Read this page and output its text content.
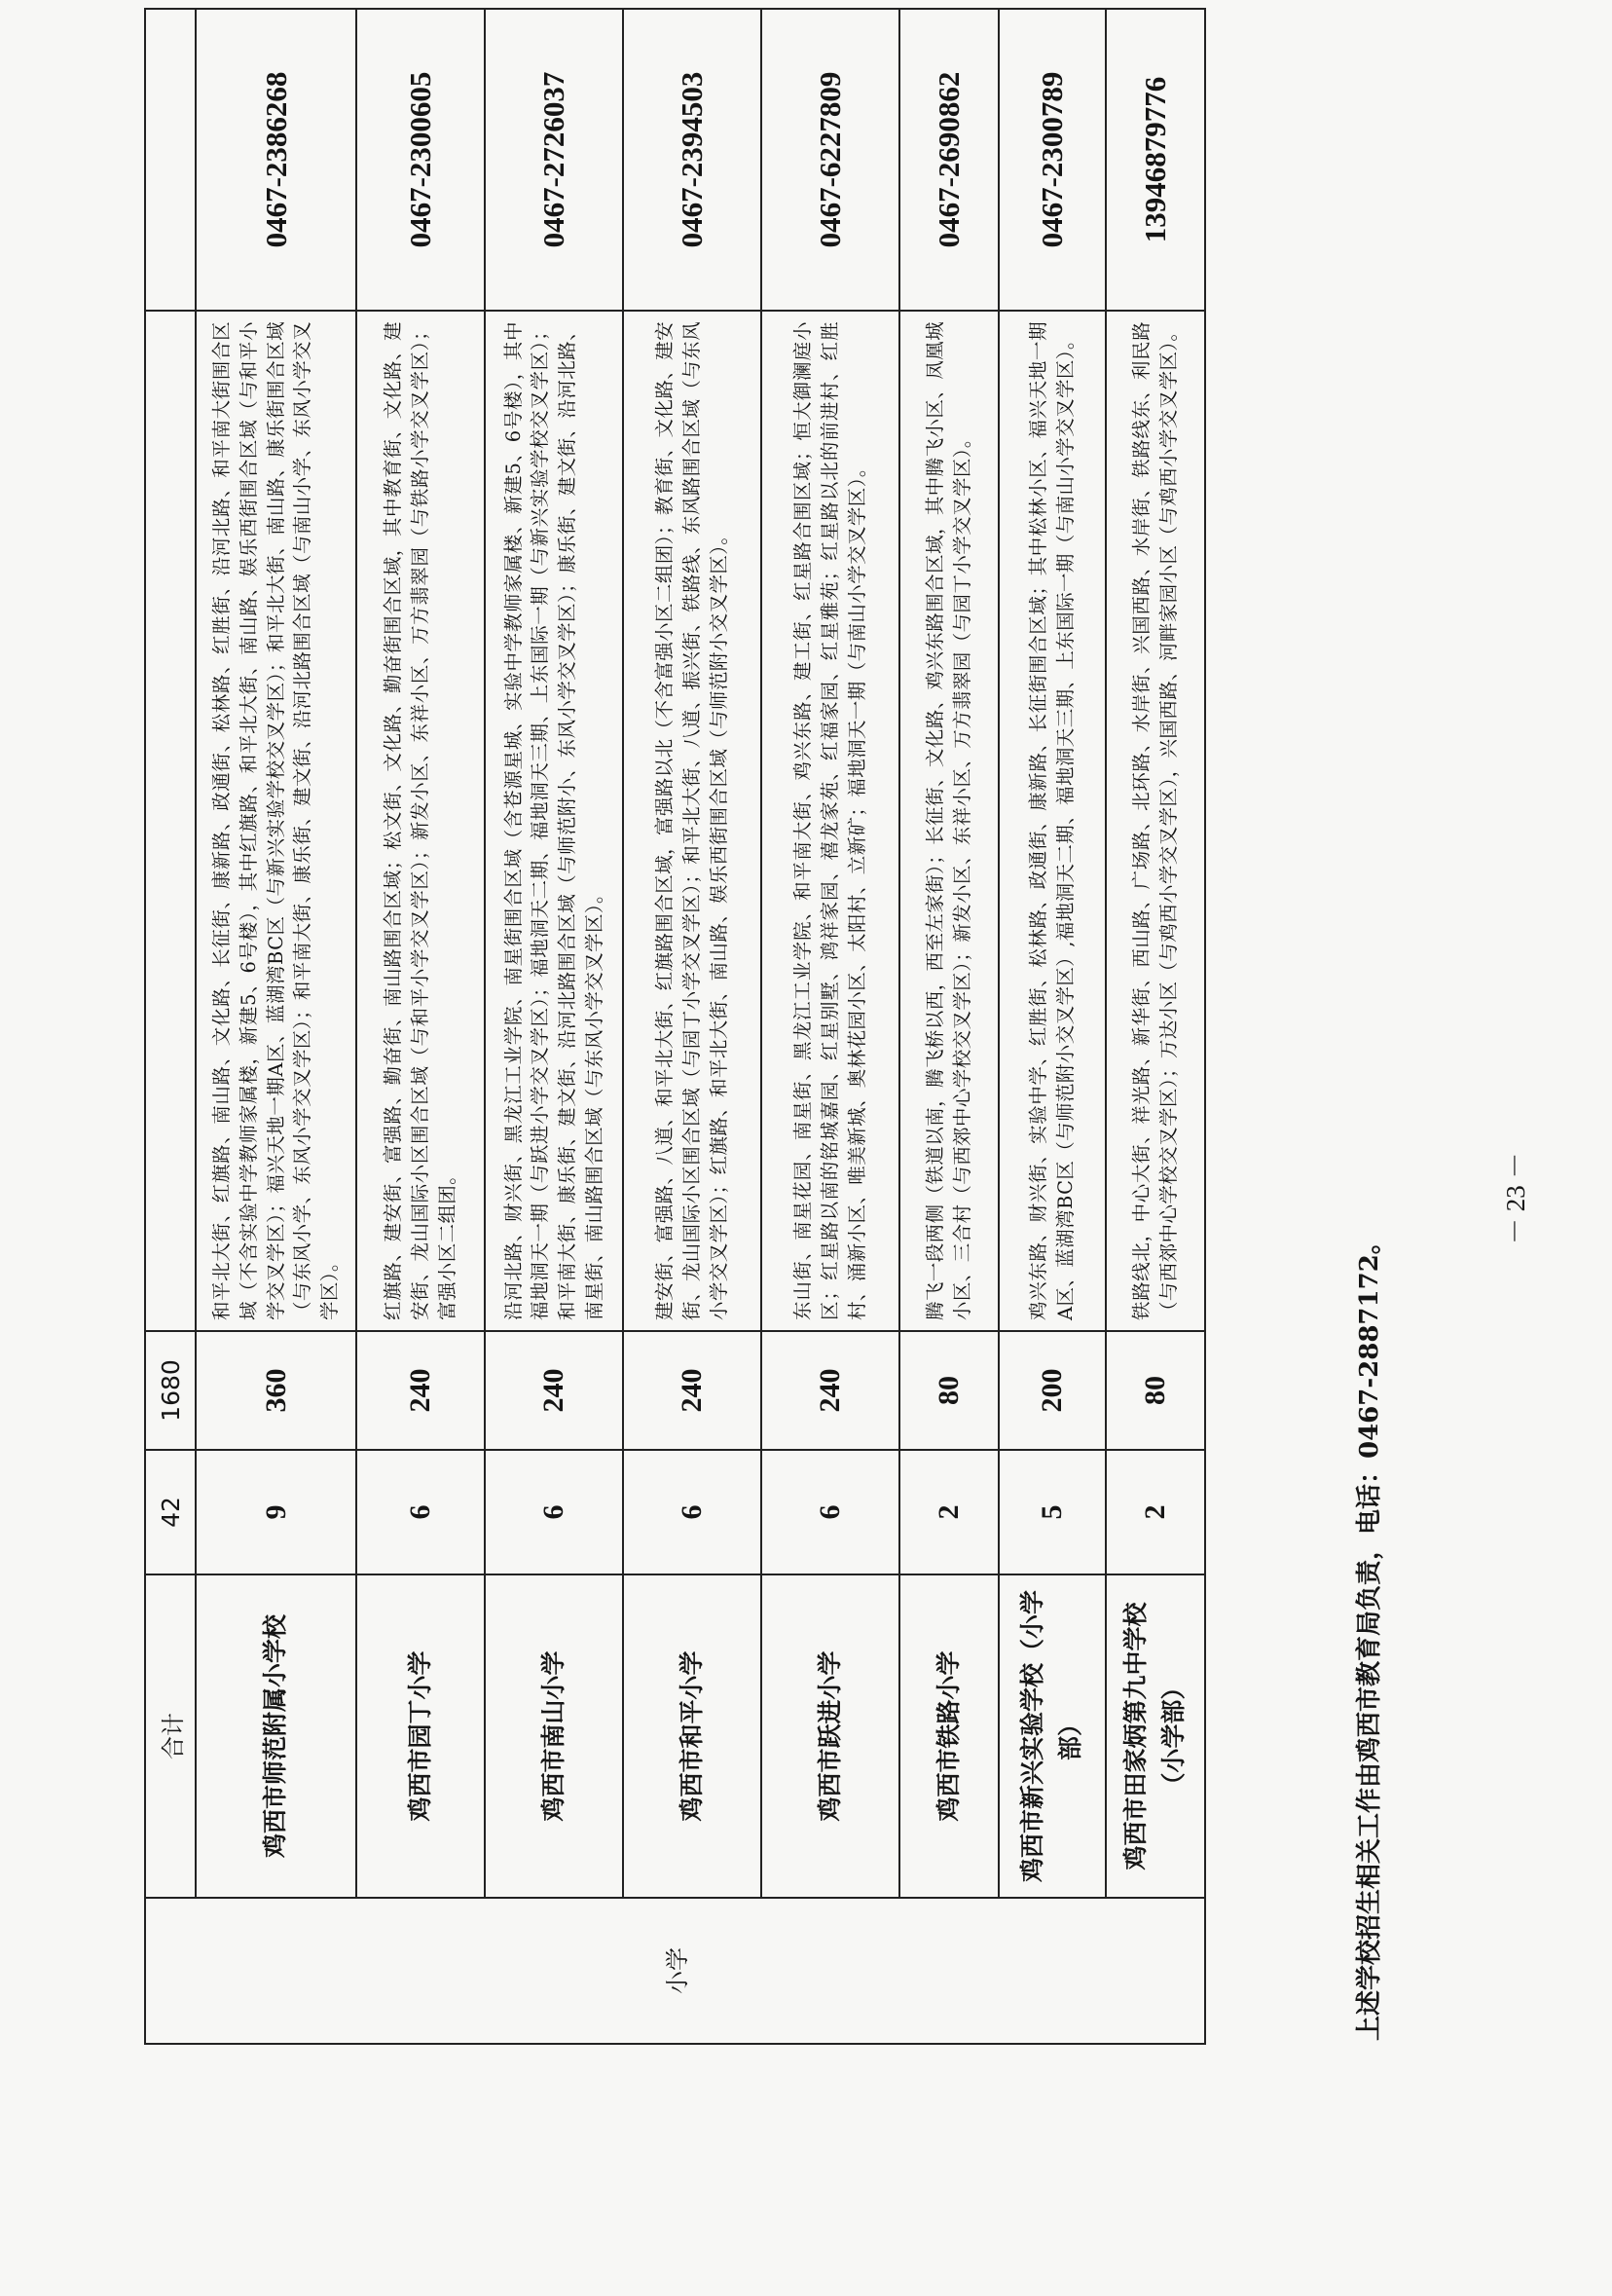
小学	合计	42	1680		
	鸡西市师范附属小学校	9	360	和平北大街、红旗路、南山路、文化路、长征街、康新路、政通街、松林路、红胜街、沿河北路、和平南大街围合区域（不含实验中学教师家属楼，新建5、6号楼），其中红旗路、和平北大街、南山路、娱乐西街围合区域（与和平小学交叉学区）；福兴天地一期A区、蓝湖湾BC区（与新兴实验学校交叉学区）；和平北大街、南山路、康乐街围合区域（与东风小学、东风小学交叉学区）；和平南大街、康乐街、建文街、沿河北路围合区域（与南山小学、东风小学交叉学区）。	0467-2386268
	鸡西市园丁小学	6	240	红旗路、建安街、富强路、勤奋街、南山路围合区域；松文街、文化路、勤奋街围合区域，其中教育街、文化路、建安街、龙山国际小区围合区域（与和平小学交叉学区）；新发小区、东祥小区、万方翡翠园（与铁路小学交叉学区）；富强小区二组团。	0467-2300605
	鸡西市南山小学	6	240	沿河北路、财兴街、黑龙江工业学院、南星街围合区域（含苍源星城、实验中学教师家属楼、新建5、6号楼），其中福地洞天一期（与跃进小学交叉学区）；福地洞天二期、福地洞天三期、上东国际一期（与新兴实验学校交叉学区）；和平南大街、康乐街、建文街、沿河北路围合区域（与师范附小、东风小学交叉学区）；康乐街、建文街、沿河北路、南星街、南山路围合区域（与东风小学交叉学区）。	0467-2726037
	鸡西市和平小学	6	240	建安街、富强路、八道、和平北大街、红旗路围合区域，富强路以北（不含富强小区二组团）；教育街、文化路、建安街、龙山国际小区围合区域（与园丁小学交叉学区）；和平北大街、八道、振兴街、铁路线、东风路围合区域（与东风小学交叉学区）；红旗路、和平北大街、南山路、娱乐西街围合区域（与师范附小交叉学区）。	0467-2394503
	鸡西市跃进小学	6	240	东山街、南星花园、南星街、黑龙江工业学院、和平南大街、鸡兴东路、建工街、红星路合围区域；恒大御澜庭小区；红星路以南的铭城嘉园、红星别墅、鸿祥家园、禧龙家苑、红福家园、红星雅苑；红星路以北的前进村、红胜村、涌新小区、唯美新城、奥林花园小区、太阳村、立新矿；福地洞天一期（与南山小学交叉学区）。	0467-6227809
	鸡西市铁路小学	2	80	腾飞一段两侧（铁道以南，腾飞桥以西，西至左家街）；长征街、文化路、鸡兴东路围合区域，其中腾飞小区、凤凰城小区、三合村（与西郊中心学校交叉学区）；新发小区、东祥小区、万方翡翠园（与园丁小学交叉学区）。	0467-2690862
	鸡西市新兴实验学校（小学部）	5	200	鸡兴东路、财兴街、实验中学、红胜街、松林路、政通街、康新路、长征街围合区域；其中松林小区、福兴天地一期A区、蓝湖湾BC区（与师范附小交叉学区）,福地洞天二期、福地洞天三期、上东国际一期（与南山小学交叉学区）。	0467-2300789
	鸡西市田家炳第九中学校（小学部）	2	80	铁路线北，中心大街、祥光路、新华街、西山路、广场路、北环路、水岸街、兴国西路、水岸街、铁路线东、利民路（与西郊中心学校交叉学区）；万达小区（与鸡西小学交叉学区），兴国西路、河畔家园小区（与鸡西小学交叉学区）。	13946879776
上述学校招生相关工作由鸡西市教育局负责，电话：0467-2887172。
－ 23 －
